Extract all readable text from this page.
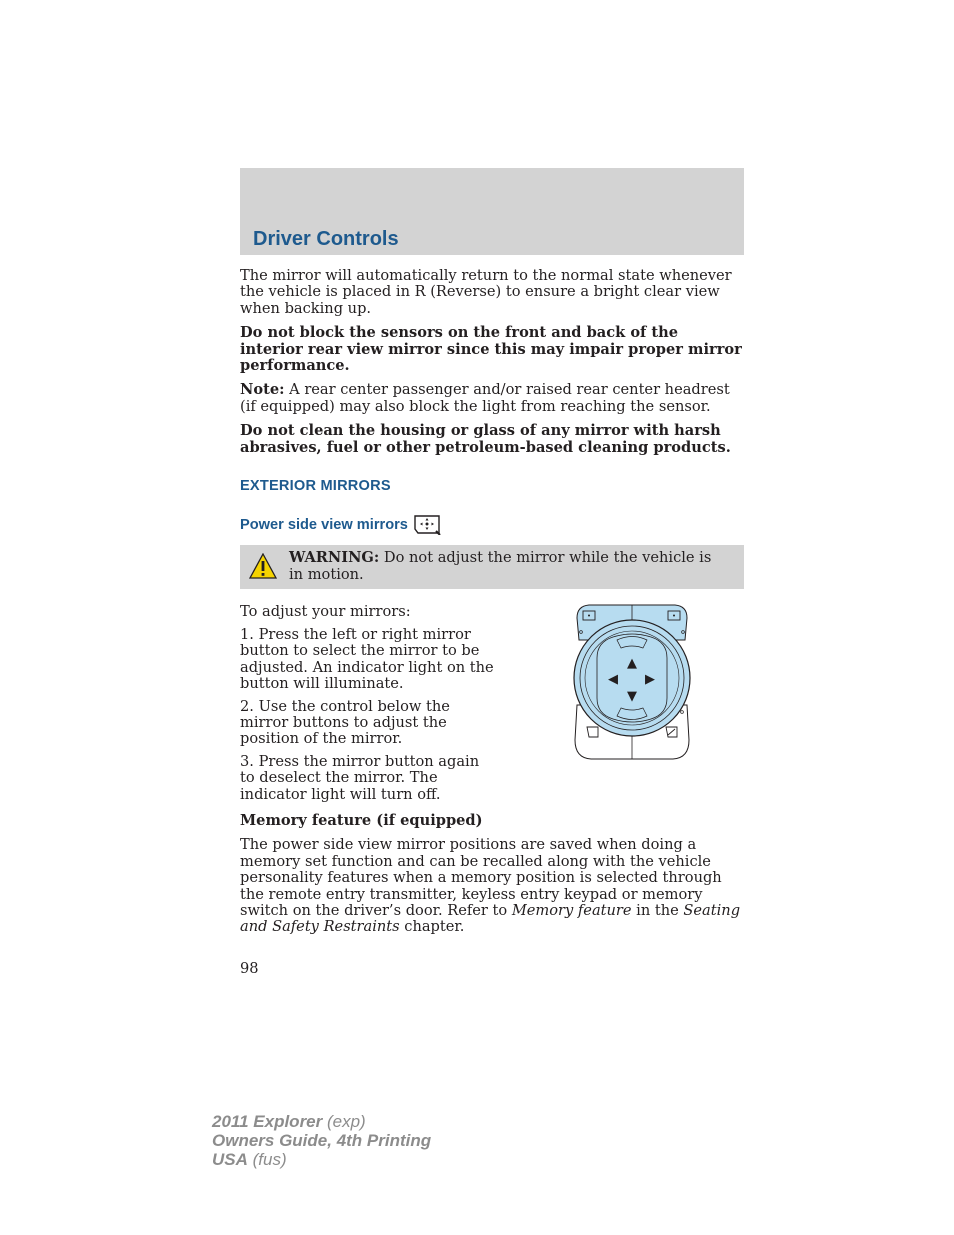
Driver Controls

The mirror will automatically return to the normal state whenever the vehicle is placed in R (Reverse) to ensure a bright clear view when backing up.

Do not block the sensors on the front and back of the interior rear view mirror since this may impair proper mirror performance.

Note: A rear center passenger and/or raised rear center headrest (if equipped) may also block the light from reaching the sensor.

Do not clean the housing or glass of any mirror with harsh abrasives, fuel or other petroleum-based cleaning products.

EXTERIOR MIRRORS
Power side view mirrors
WARNING: Do not adjust the mirror while the vehicle is in motion.

To adjust your mirrors:

1. Press the left or right mirror button to select the mirror to be adjusted. An indicator light on the button will illuminate.

2. Use the control below the mirror buttons to adjust the position of the mirror.

3. Press the mirror button again to deselect the mirror. The indicator light will turn off.

▲
◀ ▶
▼

Memory feature (if equipped)

The power side view mirror positions are saved when doing a memory set function and can be recalled along with the vehicle personality features when a memory position is selected through the remote entry transmitter, keyless entry keypad or memory switch on the driver’s door. Refer to Memory feature in the Seating and Safety Restraints chapter.

98
2011 Explorer (exp)
Owners Guide, 4th Printing
USA (fus)
